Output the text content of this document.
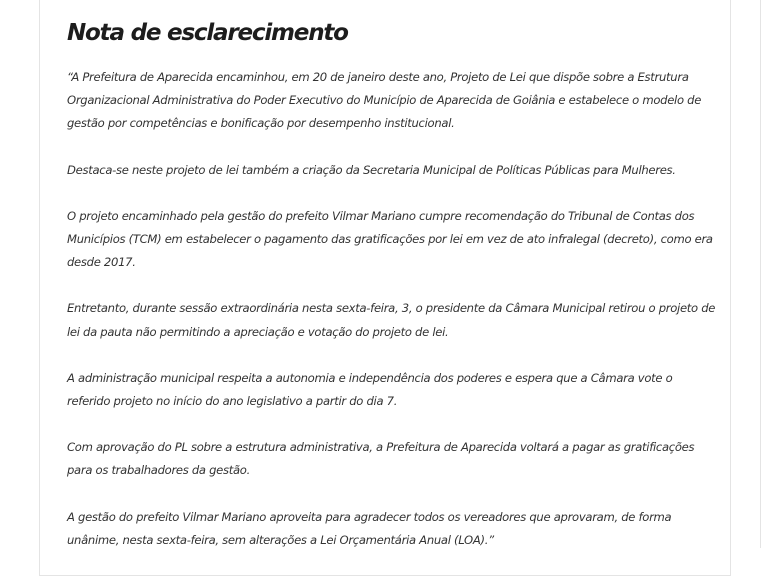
Nota de esclarecimento

“A Prefeitura de Aparecida encaminhou, em 20 de janeiro deste ano, Projeto de Lei que dispõe sobre a Estrutura Organizacional Administrativa do Poder Executivo do Município de Aparecida de Goiânia e estabelece o modelo de gestão por competências e bonificação por desempenho institucional.

Destaca-se neste projeto de lei também a criação da Secretaria Municipal de Políticas Públicas para Mulheres.

O projeto encaminhado pela gestão do prefeito Vilmar Mariano cumpre recomendação do Tribunal de Contas dos Municípios (TCM) em estabelecer o pagamento das gratificações por lei em vez de ato infralegal (decreto), como era desde 2017.

Entretanto, durante sessão extraordinária nesta sexta-feira, 3, o presidente da Câmara Municipal retirou o projeto de lei da pauta não permitindo a apreciação e votação do projeto de lei.

A administração municipal respeita a autonomia e independência dos poderes e espera que a Câmara vote o referido projeto no início do ano legislativo a partir do dia 7.

Com aprovação do PL sobre a estrutura administrativa, a Prefeitura de Aparecida voltará a pagar as gratificações para os trabalhadores da gestão.

A gestão do prefeito Vilmar Mariano aproveita para agradecer todos os vereadores que aprovaram, de forma unânime, nesta sexta-feira, sem alterações a Lei Orçamentária Anual (LOA).”
